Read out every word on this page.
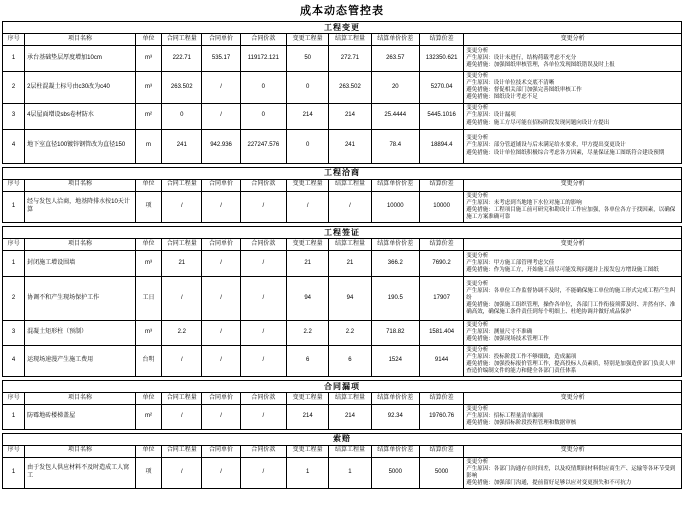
成本动态管控表
工程变更										
序号	项目名称	单位	合同工程量	合同单价	合同价款	变更工程量	结算工程量	结算单价价差	结算价差	变更分析
1	承台基础垫层厚度增加10cm	m³	222.71	535.17	119172.121	50	272.71	263.57	132350.621	变更分析
产生原因：设计未进行，结构荷载考虑不充分
避免措施：加强图纸审核管理，各单位发现图纸错误及时上报

2	2层柱混凝土标号由c30改为c40	m³	263.502	/	0	0	263.502	20	5270.04	变更分析
产生原因：设计单位技术交底不清晰
避免措施：督促相关部门加强完善图纸审核工作
避免措施：图纸设计考虑不足

3	4层屋面增设sbs卷材防水	m²	0	/	0	214	214	25.4444	5445.1016	变更分析
产生原因：设计漏项
避免措施：施工方尽可能在招标阶段发现问题向设计方提出

4	地下室直径100镀锌钢管改为直径150	m	241	942.936	227247.576	0	241	78.4	18894.4	变更分析
产生原因：部分管道铺设与后未满足给水要求，甲方提出变更设计
避免措施：设计单位图纸积极综合考虑各方因素，尽量保证施工图纸符合建设预期
工程洽商										
序号	项目名称	单位	合同工程量	合同单价	合同价款	变更工程量	结算工程量	结算单价价差	结算价差	变更分析
1	经与发包人洽商，地基降排水按10天计算	项	/	/	/	/	/	10000	10000	变更分析
产生原因：未考虑到当地地下水位对施工的影响
避免措施：工程项目施工前可研究和勘设计工作应加强，各单位各方于找因素，以确保施工方案准确可靠
工程签证										
序号	项目名称	单位	合同工程量	合同单价	合同价款	变更工程量	结算工程量	结算单价价差	结算价差	变更分析
1	封闭施工增设围墙	m³	21	/	/	21	21	366.2	7690.2	变更分析
产生原因：甲方施工部管理考虑欠佳
避免措施：作为施工方，开始施工前尽可能发现问题并上报发包方增设施工图纸

2	协调不和产生现场保护工作	工日	/	/	/	94	94	190.5	17907	变更分析
产生原因：各单位工作监督协调不及时，不能确保施工单位的施工形式完成工程产生纠纷
避免措施：加强施工组织管理，操作各单位，各部门工作衔接须滞及时、并然有序、准确高效，确保施工条件责任到每个明细上、杜绝协调并做好成品保护

3	混凝土矩形柱（预制）	m³	2.2	/	/	2.2	2.2	718.82	1581.404	变更分析
产生原因：测量尺寸不准确
避免措施：加强现场技术管理工作

4	运现场速漫产生施工费用	台明	/	/	/	6	6	1524	9144	变更分析
产生原因：投标阶段工作不够细致，造成漏项
避免措施：加强投标报价管理工作，提高投标人员素质，特别是加强造价部门负责人审查造价编制文件的能力和健全各部门责任体系
合同漏项										
序号	项目名称	单位	合同工程量	合同单价	合同价款	变更工程量	结算工程量	结算单价价差	结算价差	变更分析
1	防霉地砖楼梯盖屋	m²	/	/	/	214	214	92.34	19760.76	变更分析
产生原因：招标工程量清单漏项
避免措施：加强招标阶段投程管理和数据审核
索赔										
序号	项目名称	单位	合同工程量	合同单价	合同价款	变更工程量	结算工程量	结算单价价差	结算价差	变更分析
1	由于发包人供应材料不及时造成工人窝工	项	/	/	/	1	1	5000	5000	变更分析
产生原因：各部门沟通存在时间差，以及疫情期间材料供应商生产、运输等各环节受到影响
避免措施：加强部门沟通，提前留好足够以应对变更损失和不可抗力
